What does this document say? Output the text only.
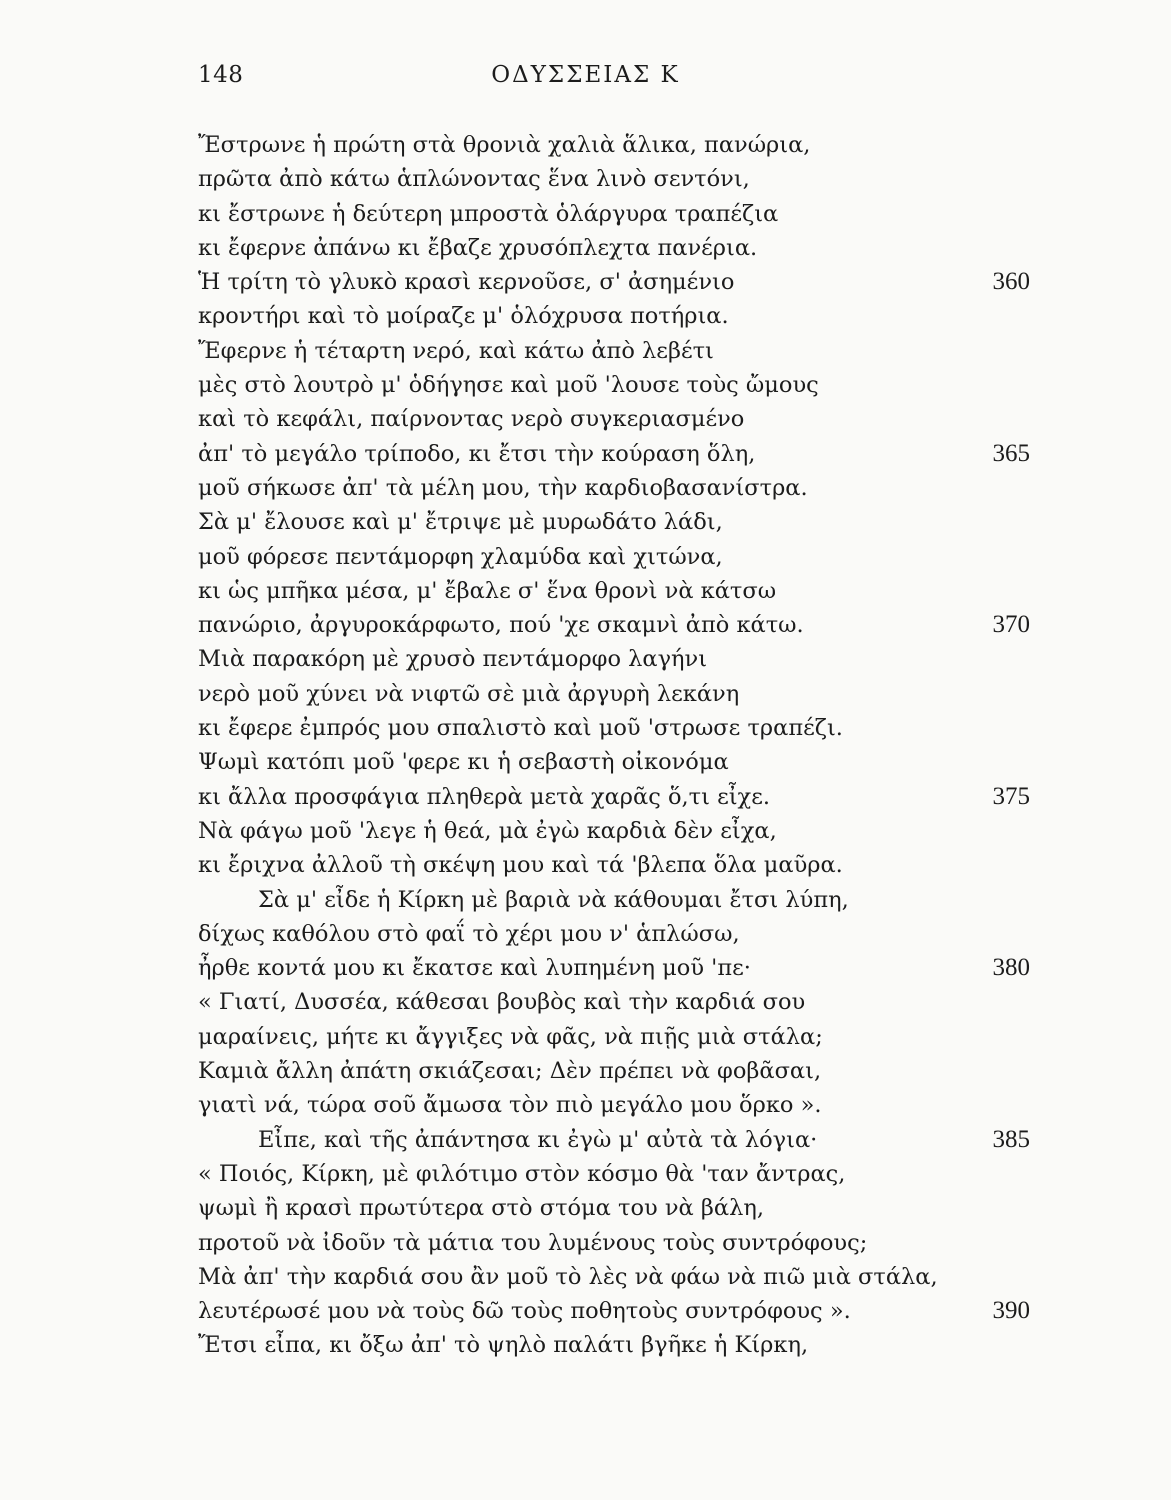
148	ΟΔΥΣΣΕΙΑΣ Κ
Ἔστρωνε ἡ πρώτη στὰ θρονιὰ χαλιὰ ἅλικα, πανώρια,
πρῶτα ἀπὸ κάτω ἁπλώνοντας ἕνα λινὸ σεντόνι,
κι ἔστρωνε ἡ δεύτερη μπροστὰ ὁλάργυρα τραπέζια
κι ἔφερνε ἀπάνω κι ἔβαζε χρυσόπλεχτα πανέρια.
Ἡ τρίτη τὸ γλυκὸ κρασὶ κερνοῦσε, σ' ἀσημένιο	360
κροντήρι καὶ τὸ μοίραζε μ' ὁλόχρυσα ποτήρια.
Ἔφερνε ἡ τέταρτη νερό, καὶ κάτω ἀπὸ λεβέτι
μὲς στὸ λουτρὸ μ' ὁδήγησε καὶ μοῦ 'λουσε τοὺς ὤμους
καὶ τὸ κεφάλι, παίρνοντας νερὸ συγκεριασμένο
ἀπ' τὸ μεγάλο τρίποδο, κι ἔτσι τὴν κούραση ὅλη,	365
μοῦ σήκωσε ἀπ' τὰ μέλη μου, τὴν καρδιοβασανίστρα.
Σὰ μ' ἔλουσε καὶ μ' ἔτριψε μὲ μυρωδάτο λάδι,
μοῦ φόρεσε πεντάμορφη χλαμύδα καὶ χιτώνα,
κι ὡς μπῆκα μέσα, μ' ἔβαλε σ' ἕνα θρονὶ νὰ κάτσω
πανώριο, ἀργυροκάρφωτο, πού 'χε σκαμνὶ ἀπὸ κάτω.	370
Μιὰ παρακόρη μὲ χρυσὸ πεντάμορφο λαγήνι
νερὸ μοῦ χύνει νὰ νιφτῶ σὲ μιὰ ἀργυρὴ λεκάνη
κι ἔφερε ἐμπρός μου σπαλιστὸ καὶ μοῦ 'στρωσε τραπέζι.
Ψωμὶ κατόπι μοῦ 'φερε κι ἡ σεβαστὴ οἰκονόμα
κι ἄλλα προσφάγια πληθερὰ μετὰ χαρᾶς ὅ,τι εἶχε.	375
Νὰ φάγω μοῦ 'λεγε ἡ θεά, μὰ ἐγὼ καρδιὰ δὲν εἶχα,
κι ἔριχνα ἀλλοῦ τὴ σκέψη μου καὶ τά 'βλεπα ὅλα μαῦρα.
Σὰ μ' εἶδε ἡ Κίρκη μὲ βαριὰ νὰ κάθουμαι ἔτσι λύπη,
δίχως καθόλου στὸ φαΐ τὸ χέρι μου ν' ἁπλώσω,
ἦρθε κοντά μου κι ἔκατσε καὶ λυπημένη μοῦ 'πε·	380
« Γιατί, Δυσσέα, κάθεσαι βουβὸς καὶ τὴν καρδιά σου
μαραίνεις, μήτε κι ἄγγιξες νὰ φᾶς, νὰ πιῇς μιὰ στάλα;
Καμιὰ ἄλλη ἀπάτη σκιάζεσαι; Δὲν πρέπει νὰ φοβᾶσαι,
γιατὶ νά, τώρα σοῦ ἄμωσα τὸν πιὸ μεγάλο μου ὅρκο ».
Εἶπε, καὶ τῆς ἀπάντησα κι ἐγὼ μ' αὐτὰ τὰ λόγια·	385
« Ποιός, Κίρκη, μὲ φιλότιμο στὸν κόσμο θὰ 'ταν ἄντρας,
ψωμὶ ἢ κρασὶ πρωτύτερα στὸ στόμα του νὰ βάλη,
προτοῦ νὰ ἰδοῦν τὰ μάτια του λυμένους τοὺς συντρόφους;
Μὰ ἀπ' τὴν καρδιά σου ἂν μοῦ τὸ λὲς νὰ φάω νὰ πιῶ μιὰ στάλα,
λευτέρωσέ μου νὰ τοὺς δῶ τοὺς ποθητοὺς συντρόφους ».	390
Ἔτσι εἶπα, κι ὄξω ἀπ' τὸ ψηλὸ παλάτι βγῆκε ἡ Κίρκη,
